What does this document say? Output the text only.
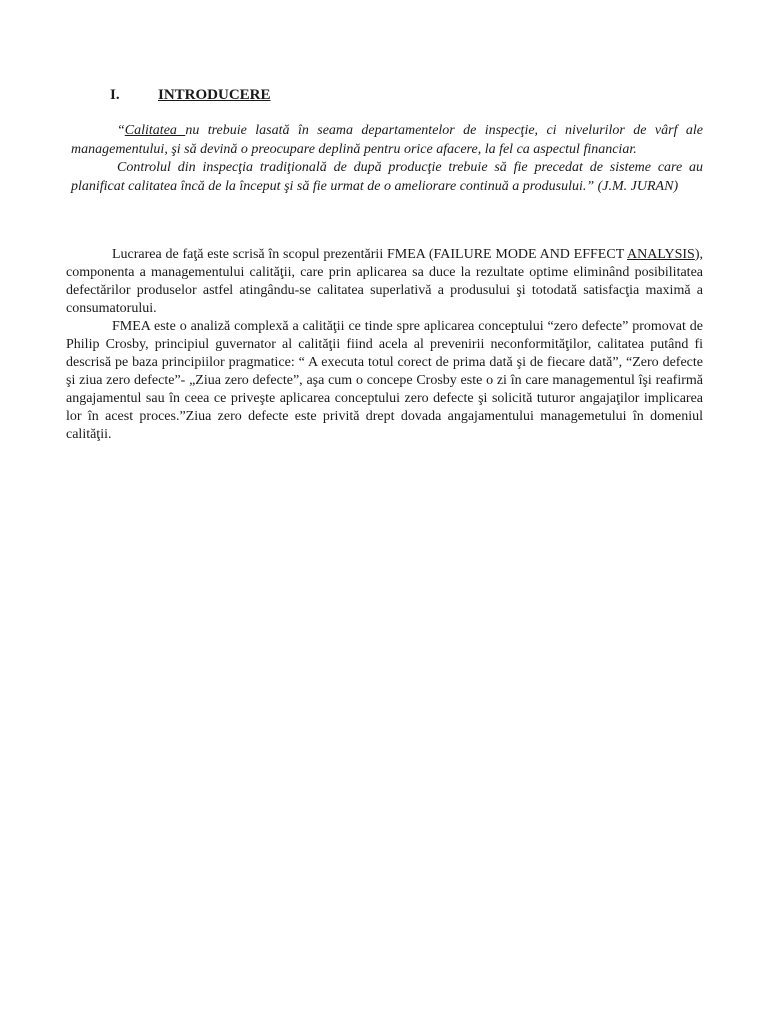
I.	INTRODUCERE

“Calitatea nu trebuie lasată în seama departamentelor de inspecţie, ci nivelurilor de vârf ale managementului, şi să devină o preocupare deplină pentru orice afacere, la fel ca aspectul financiar.

Controlul din inspecţia tradiţională de după producţie trebuie să fie precedat de sisteme care au planificat calitatea încă de la început şi să fie urmat de o ameliorare continuă a produsului.” (J.M. JURAN)

Lucrarea de faţă este scrisă în scopul prezentării FMEA (FAILURE MODE AND EFFECT ANALYSIS), componenta a managementului calităţii, care prin aplicarea sa duce la rezultate optime eliminând posibilitatea defectărilor produselor astfel atingându-se calitatea superlativă a produsului şi totodată satisfacţia maximă a consumatorului.

FMEA este o analiză complexă a calităţii ce tinde spre aplicarea conceptului “zero defecte” promovat de Philip Crosby, principiul guvernator al calităţii fiind acela al prevenirii neconformităţilor, calitatea putând fi descrisă pe baza principiilor pragmatice: “ A executa totul corect de prima dată şi de fiecare dată”, “Zero defecte şi ziua zero defecte”- „Ziua zero defecte”, aşa cum o concepe Crosby este o zi în care managementul îşi reafirmă angajamentul sau în ceea ce priveşte aplicarea conceptului zero defecte şi solicită tuturor angajaţilor implicarea lor în acest proces.”Ziua zero defecte este privită drept dovada angajamentului managemetului în domeniul calităţii.
